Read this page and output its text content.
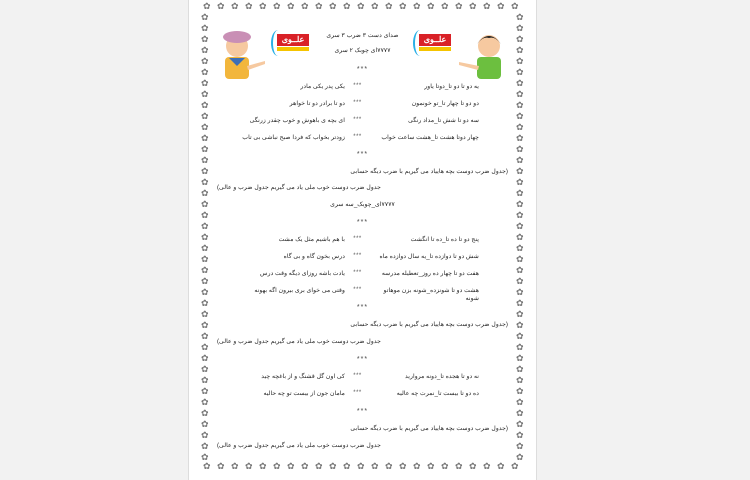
✿
✿
✿
✿
✿
✿
✿
✿
✿
✿
✿
✿
✿
✿
✿
✿
✿
✿
✿
✿
✿
✿
✿
✿
✿
✿
✿
✿
✿
✿
✿
✿
✿
✿
✿
✿
✿
✿
✿
✿
✿
✿
✿
✿
✿
✿
✿	✿
✿	✿
✿	✿
✿	✿
✿	✿
✿	✿
✿	✿
✿	✿
✿	✿
✿	✿
✿	✿
✿	✿
✿	✿
✿	✿
✿	✿
✿	✿
✿	✿
✿	✿
✿	✿
✿	✿
✿	✿
✿	✿
✿	✿
✿	✿
✿	✿
✿	✿
✿	✿
✿	✿
✿	✿
✿	✿
✿	✿
✿	✿
✿	✿
✿	✿
✿	✿
✿	✿
✿	✿
✿	✿
✿	✿
✿	✿
✿	✿
علــوی	صدای دست ۳ ضرب ۳ سری
٧٧٧٧ای چوبک ۲ سری
علــوی
***
یه دو تا دو تا_دوتا یاور
***
یکی پدر یکی مادر
دو دو تا چهار تا_تو خونمون
***
دو تا برادر دو تا خواهر
سه دو تا شش تا_مداد رنگی
***
ای بچه ی باهوش و خوب چقدر زرنگی
چهار دوتا هشت تا_هشت ساعت خواب
***
زودتر بخواب که فردا صبح نباشی بی تاب
***
(جدول ضرب دوست بچه هاییاد می گیریم با ضرب دیگه حسابی
جدول ضرب دوست خوب ملی یاد می گیریم جدول ضرب و عالی)
٧٧٧٧ای_چوبک_سه سری
***
پنج دو تا ده تا_ده تا انگشت
***
با هم باشیم مثل یک مشت
شش دو تا دوازده تا_یه سال دوازده ماه
***
درس بخون گاه و بی گاه
هفت دو تا چهار ده روز_تعطیله مدرسه
***
یادت باشه روزای دیگه وقت درس
هشت دو تا شونزده_شونه بزن موهاتو شونه
***
وقتی می خوای بری بیرون اگه بهونه
***
(جدول ضرب دوست بچه هاییاد می گیریم با ضرب دیگه حسابی
جدول ضرب دوست خوب ملی یاد می گیریم جدول ضرب و عالی)
***
نه دو تا هجده تا_دونه مروارید
***
کی اون گل قشنگ و از باغچه چید
ده دو تا بیست تا_نمرت چه عالیه
***
مامان جون از بیست تو چه حالیه
***
(جدول ضرب دوست بچه هاییاد می گیریم با ضرب دیگه حسابی
جدول ضرب دوست خوب ملی یاد می گیریم جدول ضرب و عالی)
